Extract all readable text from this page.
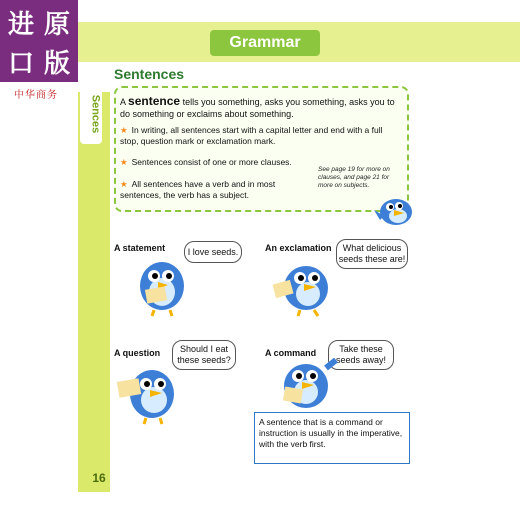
进 原
口 版
中华商务
Grammar
Sences
Sentences
A sentence tells you something, asks you something, asks you to do something or exclaims about something.
★ In writing, all sentences start with a capital letter and end with a full stop, question mark or exclamation mark.
★ Sentences consist of one or more clauses.
★ All sentences have a verb and in most sentences, the verb has a subject.
See page 19 for more on clauses, and page 21 for more on subjects.
A statement	I love seeds.	An exclamation	What delicious seeds these are!
A question	Should I eat these seeds?
A command	Take these seeds away!
A sentence that is a command or instruction is usually in the imperative, with the verb first.
16
